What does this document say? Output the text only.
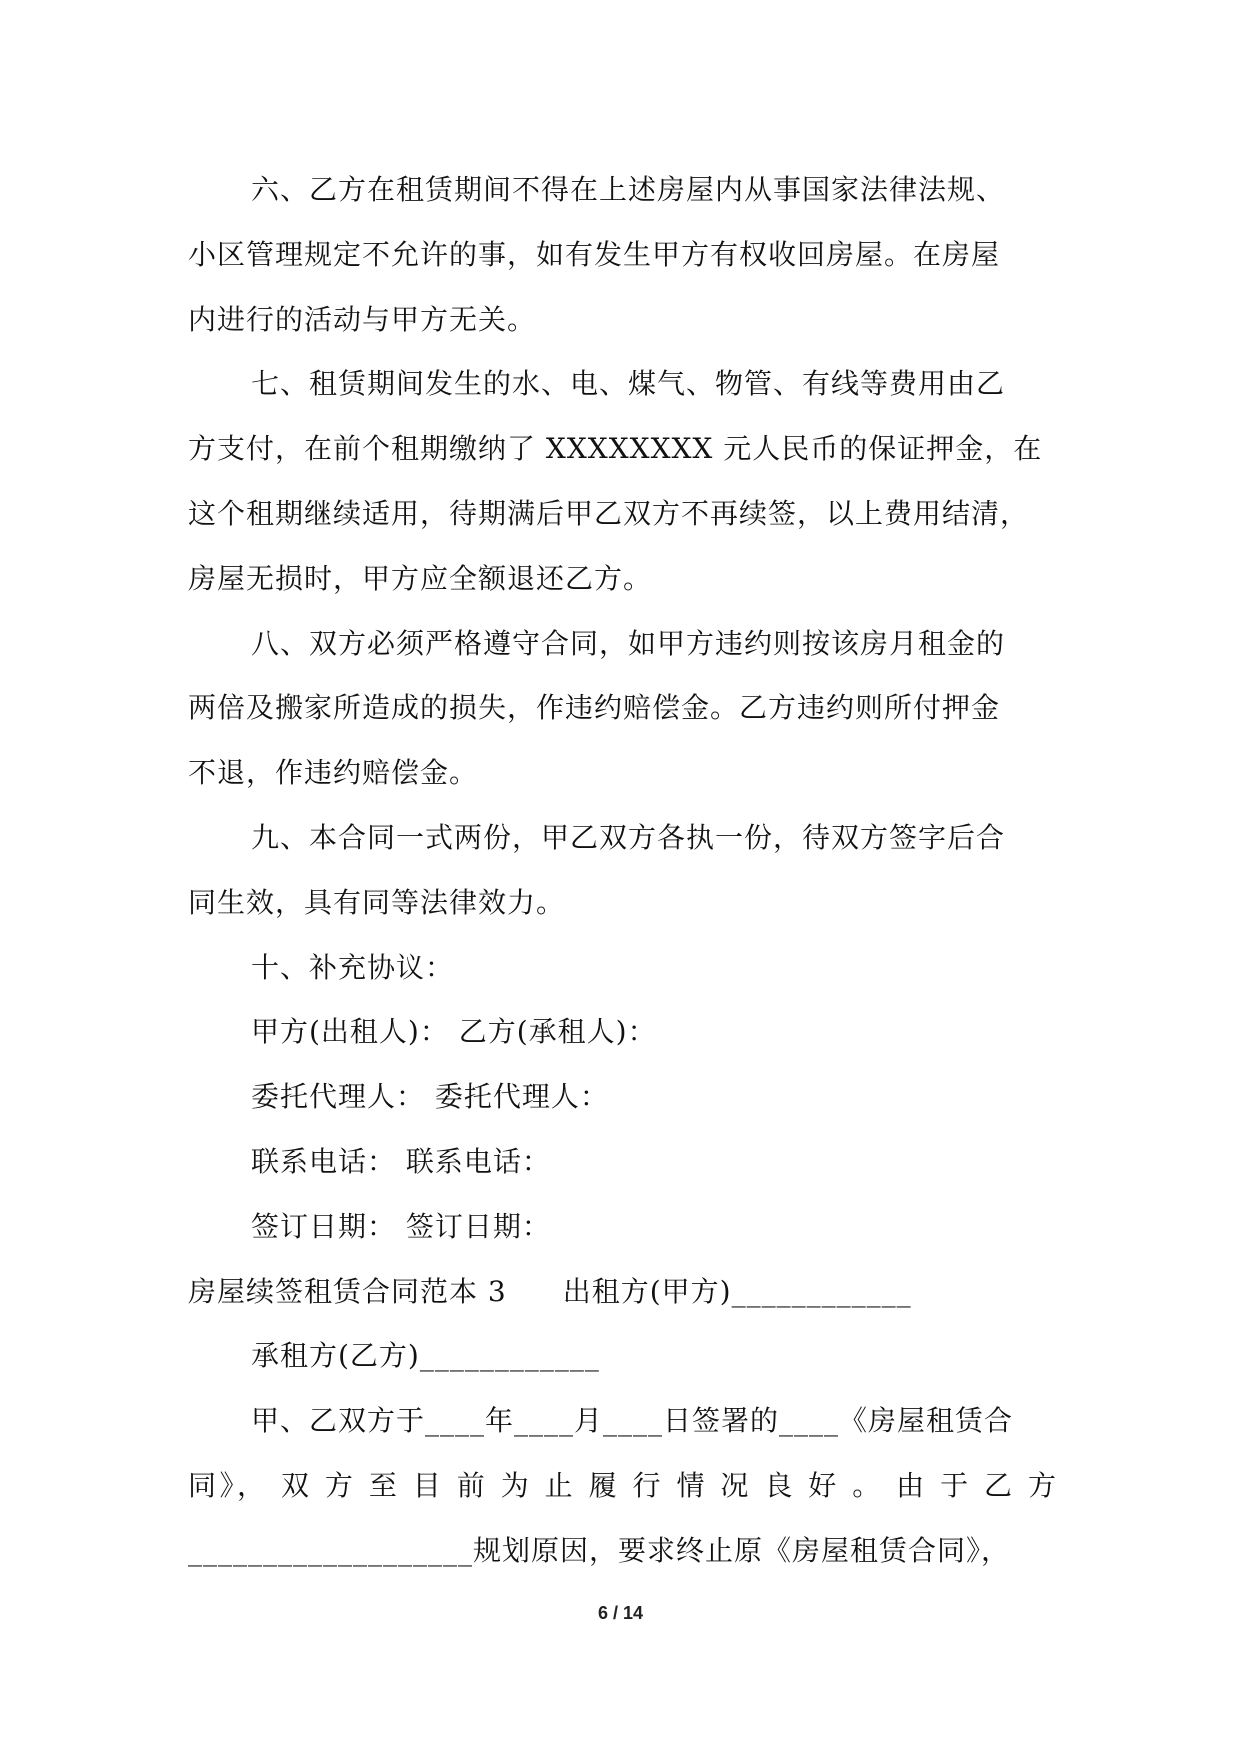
六、乙方在租赁期间不得在上述房屋内从事国家法律法规、
小区管理规定不允许的事，如有发生甲方有权收回房屋。在房屋
内进行的活动与甲方无关。
七、租赁期间发生的水、电、煤气、物管、有线等费用由乙
方支付，在前个租期缴纳了 XXXXXXXX 元人民币的保证押金，在
这个租期继续适用，待期满后甲乙双方不再续签，以上费用结清，
房屋无损时，甲方应全额退还乙方。
八、双方必须严格遵守合同，如甲方违约则按该房月租金的
两倍及搬家所造成的损失，作违约赔偿金。乙方违约则所付押金
不退，作违约赔偿金。
九、本合同一式两份，甲乙双方各执一份，待双方签字后合
同生效，具有同等法律效力。
十、补充协议：
甲方(出租人)： 乙方(承租人)：
委托代理人： 委托代理人：
联系电话： 联系电话：
签订日期： 签订日期：
房屋续签租赁合同范本 3 出租方(甲方)____________
承租方(乙方)____________
甲、乙双方于____年____月____日签署的____《房屋租赁合
同》， 双 方 至 目 前 为 止 履 行 情 况 良 好 。 由 于 乙 方
___________________规划原因，要求终止原《房屋租赁合同》，
6 / 14
